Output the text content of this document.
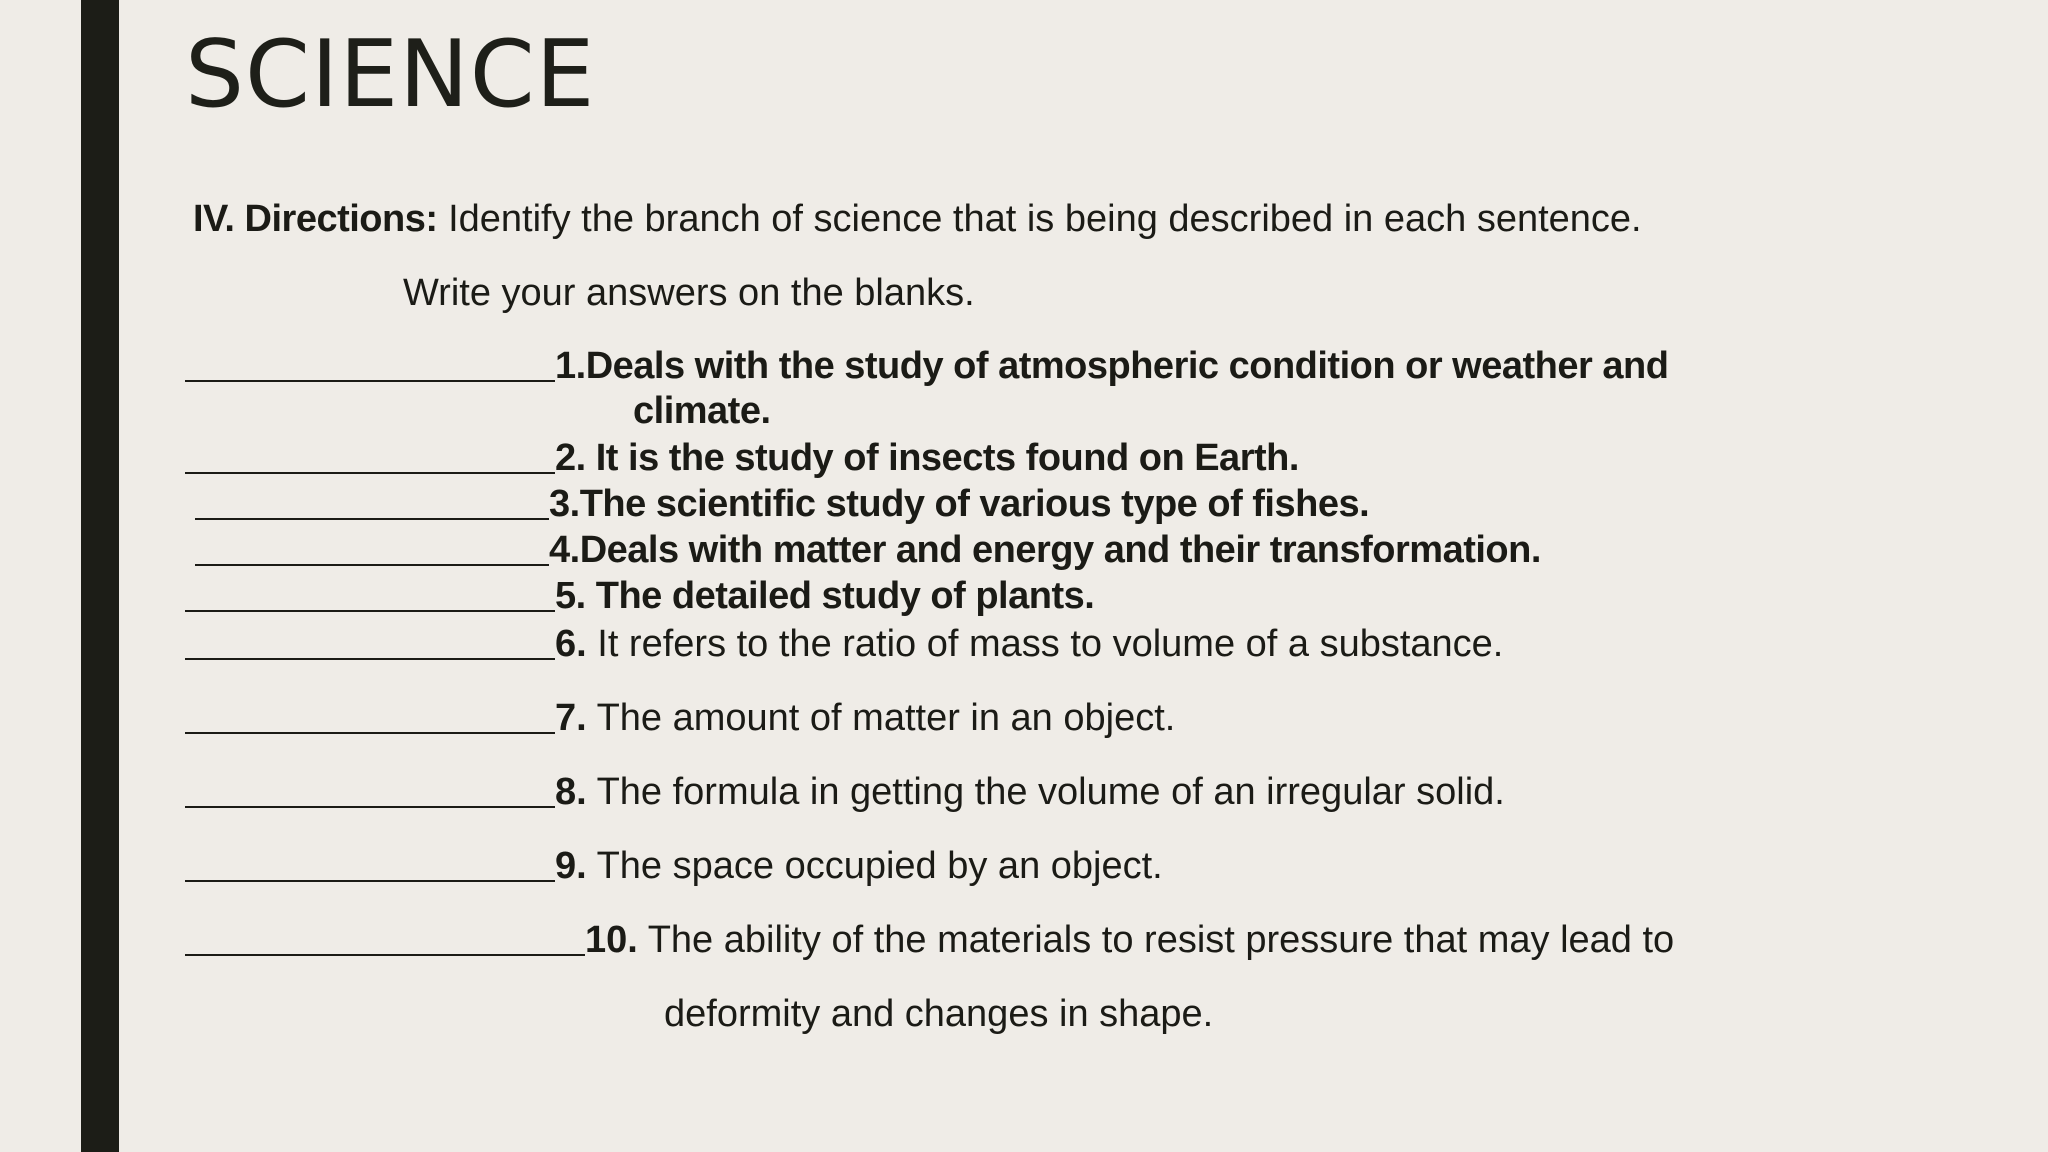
SCIENCE
IV. Directions: Identify the branch of science that is being described in each sentence.
Write your answers on the blanks.
1.Deals with the study of atmospheric condition or weather and
climate.
2. It is the study of insects found on Earth.
3.The scientific study of various type of fishes.
4.Deals with matter and energy and their transformation.
5. The detailed study of plants.
6. It refers to the ratio of mass to volume of a substance.
7. The amount of matter in an object.
8. The formula in getting the volume of an irregular solid.
9. The space occupied by an object.
10. The ability of the materials to resist pressure that may lead to
deformity and changes in shape.
